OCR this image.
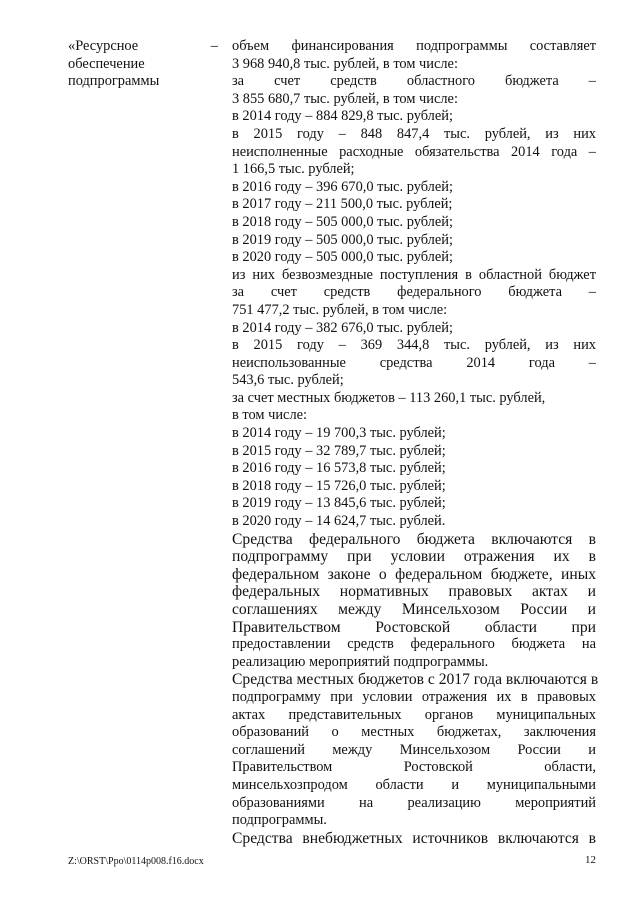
«Ресурсное –
обеспечение
подпрограммы
объем финансирования подпрограммы составляет
3 968 940,8 тыс. рублей, в том числе:
за счет средств областного бюджета –
3 855 680,7 тыс. рублей, в том числе:
в 2014 году – 884 829,8 тыс. рублей;
в 2015 году – 848 847,4 тыс. рублей, из них
неисполненные расходные обязательства 2014 года –
1 166,5 тыс. рублей;
в 2016 году – 396 670,0 тыс. рублей;
в 2017 году – 211 500,0 тыс. рублей;
в 2018 году – 505 000,0 тыс. рублей;
в 2019 году – 505 000,0 тыс. рублей;
в 2020 году – 505 000,0 тыс. рублей;
из них безвозмездные поступления в областной бюджет
за счет средств федерального бюджета –
751 477,2 тыс. рублей, в том числе:
в 2014 году – 382 676,0 тыс. рублей;
в 2015 году – 369 344,8 тыс. рублей, из них
неиспользованные средства 2014 года –
543,6 тыс. рублей;
за счет местных бюджетов – 113 260,1 тыс. рублей,
в том числе:
в 2014 году – 19 700,3 тыс. рублей;
в 2015 году – 32 789,7 тыс. рублей;
в 2016 году – 16 573,8 тыс. рублей;
в 2018 году – 15 726,0 тыс. рублей;
в 2019 году – 13 845,6 тыс. рублей;
в 2020 году – 14 624,7 тыс. рублей.
Средства федерального бюджета включаются в
подпрограмму при условии отражения их в
федеральном законе о федеральном бюджете, иных
федеральных нормативных правовых актах и
соглашениях между Минсельхозом России и
Правительством Ростовской области при
предоставлении средств федерального бюджета на
реализацию мероприятий подпрограммы.
Средства местных бюджетов с 2017 года включаются в
подпрограмму при условии отражения их в правовых
актах представительных органов муниципальных
образований о местных бюджетах, заключения
соглашений между Минсельхозом России и
Правительством Ростовской области,
минсельхозпродом области и муниципальными
образованиями на реализацию мероприятий
подпрограммы.
Средства внебюджетных источников включаются в
Z:\ORST\Ppo\0114p008.f16.docx	12
